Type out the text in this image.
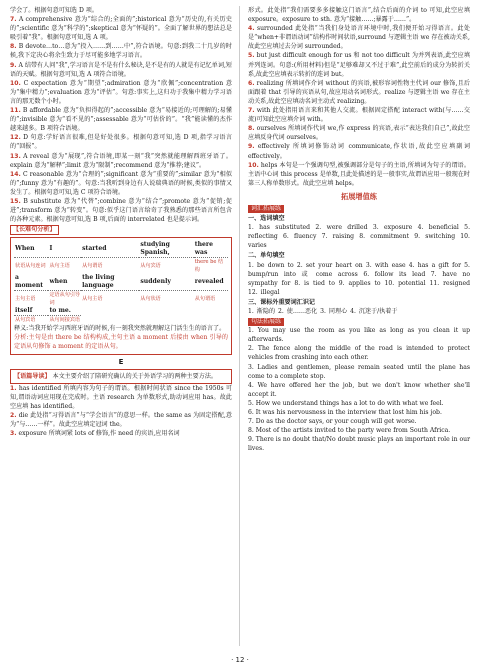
学会了。根据句意可知选 D 项。

7. A comprehensive 意为“综合的;全面的”;historical 意为“历史的,有关历史的”;scientific 意为“科学的”;skeptical 意为“怀疑的”。全面了解世界的想法总是吸引着“我”。根据句意可知,选 A 项。

8. B devote…to…意为“投入……到……中”,符合语境。句意:到我二十几岁的时候,我下定决心将余生致力于尽可能多地学习语言。

9. A 结带有人问“我”,学习语言是不是有什么秘诀,是不是有的人就是有记忆单词,短语的天赋。根据句意可知,选 A 项符合语境。

10. C expectation 意为“期望”;admiration 意为“欣佩”;concentration 意为“集中精力”;evaluation 意为“评估”。句意:事实上,这归功于我集中精力学习语言的那无数个小时。

11. B affordable 意为“负担得起的”;accessible 意为“易接近的;可理解的;易懂的”;invisible 意为“看不见的”;assessable 意为“可估价的”。“我”能读懂的杰作越来越多。B 项符合语境。

12. D 句意:学好语言很难,但是好处很多。根据句意可知,选 D 项,指学习语言的“回报”。

13. A reveal 意为“展现”,符合语境,即某一刻“我”突然就能理解西班牙语了。explain 意为“解释”;limit 意为“限制”;recommend 意为“推荐;建议”。

14. C reasonable 意为“合理的”;significant 意为“重要的”;similar 意为“相似的”;funny 意为“有趣的”。句意:当我听到身边有人说瑞典语的时候,类似的事情又发生了。根据句意可知,选 C 项符合语境。

15. B substitute 意为“代替”;combine 意为“结合”;promote 意为“促销;促进”;transform 意为“转变”。句意:似乎这门语言给奇了我熟悉的那些语言所包含的各种元素。根据句意可知,选 B 项,后面的 interrelated 也是提示词。

【长难句分析】
When	I	started	studying Spanish,	there was
状语从句连词	从句主语	从句谓语	从句宾语	there be 结构
a moment	when	the living language	suddenly	revealed
主句主语	定语从句引导词	从句主语	从句状语	从句谓语
itself	to me.			
从句宾语	从句间接宾语			

释义:当我开始学习西班牙语的时候,有一刻我突然就理解这门活生生的语言了。

分析:主句是由 there be 结构构成,主句主语 a moment 后接由 when 引导的定语从句修饰 a moment 的定语从句。

E
【语篇导读】 本文主要介绍了陪研究确认的关于外语学习的两种主要方法。

1. has identified 所填内容为句子的谓语。根据时间状语 since the 1950s 可知,谓语动词应用现在完成时。主语 research 为单数形式,助动词应用 has。故此空应填 has identified。

2. die 此处指“习得语言”与“学会语言”的意思一样。the same as 为固定搭配,意为“与……一样”。故此空应填定冠词 the。

3. exposure 所填词紧 lots of 修饰,作 need 的宾语,应用名词

形式。此处指“我们需要多多接触这门语言”,结合后面的介词 to 可知,此空应填 exposure。exposure to sth. 意为“接触……;暴露于……”。

4. surrounded 此处指“当我们身处语言环境中时,我们便开始习得语言。此处是“when+非谓语动词”结构作时间状语,surround 与逻辑主语 we 存在被动关系,故此空应填过去分词 surrounded。

5. but just difficult enough for us 和 not too difficult 为并列表语,此空应填并列连词。句意:(所用材料)但是“足够难却又不过于难”,此空前后的成分为转折关系,故此空应填表示转折的连词 but。

6. realizing 所填词作介词 without 的宾语,被形容词性物主代词 our 修饰,且后面跟着 that 引导的宾语从句,故应用动名词形式。realize 与逻辑主语 we 存在主动关系,故此空应填动名词主动式 realizing。

7. with 此处指用语言来和其他人交流。根据固定搭配 interact with(与……交流)可知此空应填介词 with。

8. ourselves 所填词作代词 we,作 express 的宾语,表示“表达我们自己”,故此空应填反身代词 ourselves。

9. effectively 所填词修饰动词 communicate,作状语,故此空应填副词 effectively。

10. helps 本句是一个强调句型,被强调部分是句子的主语,所填词为句子的谓语。主语中心词 this process 是单数,且此处描述的是一般事实,故谓语应用一般现在时第三人称单数形式。故此空应填 helps。

拓展增值练
词汇拓展练
一、选词填空

1. has substituted 2. were drilled 3. exposure 4. beneficial 5. reflecting 6. fluency 7. raising 8. commitment 9. switching 10. varies

二、单句填空

1. be down to 2. set your heart on 3. with ease 4. has a gift for 5. bump/run into 或 come across 6. follow its lead 7. have no sympathy for 8. is tied to 9. applies to 10. potential 11. resigned 12. illegal

三、课标外重要词汇识记

1. 渐隐的 2. 使……恶化 3. 同理心 4. 沉迷于/执着于

句法拓展练

1. You may use the room as you like as long as you clean it up afterwards.

2. The fence along the middle of the road is intended to protect vehicles from crashing into each other.

3. Ladies and gentlemen, please remain seated until the plane has come to a complete stop.

4. We have offered her the job, but we don't know whether she'll accept it.

5. How we understand things has a lot to do with what we feel.

6. It was his nervousness in the interview that lost him his job.

7. Do as the doctor says, or your cough will get worse.

8. Most of the artists invited to the party were from South Africa.

9. There is no doubt that/No doubt music plays an important role in our lives.

· 12 ·
